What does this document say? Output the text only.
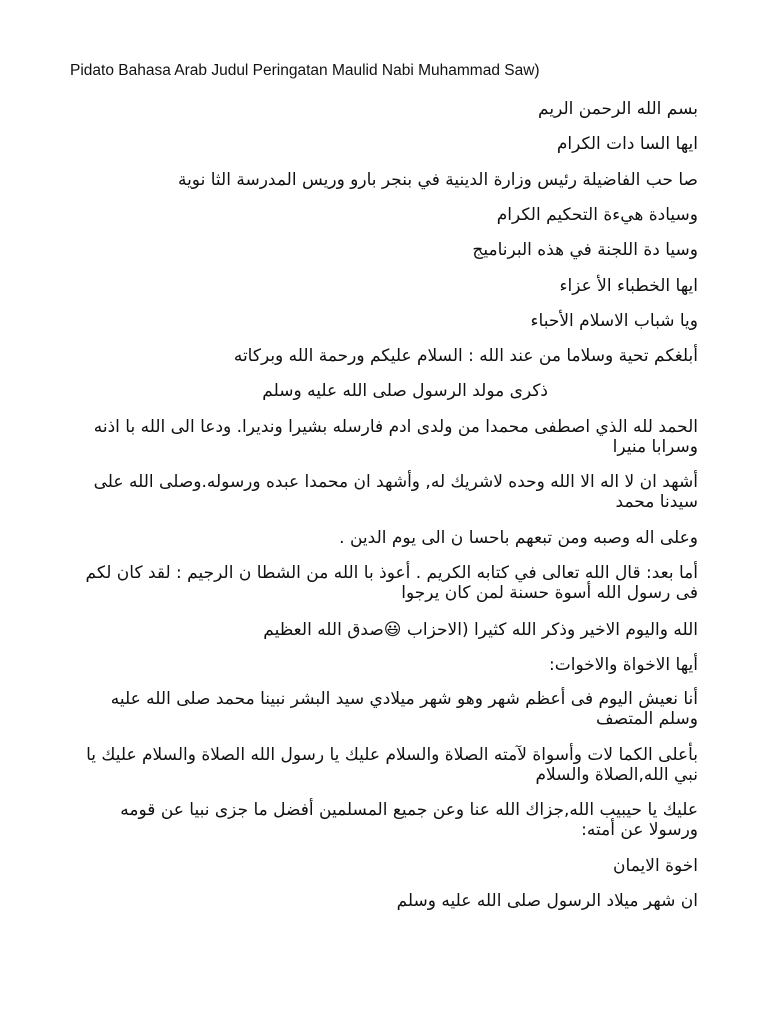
Pidato Bahasa Arab Judul Peringatan Maulid Nabi Muhammad Saw)
بسم الله الرحمن الريم
ايها السا دات الكرام
صا حب الفاضيلة رئيس وزارة الدينية في بنجر بارو وريس المدرسة الثا نوية
وسيادة هيءة التحكيم الكرام
وسيا دة اللجنة في هذه البرناميج
ايها الخطباء الأ عزاء
ويا شباب الاسلام الأحباء
أبلغكم تحية وسلاما من عند الله : السلام عليكم ورحمة الله وبركاته
ذكرى مولد الرسول صلى الله عليه وسلم
الحمد لله الذي اصطفى محمدا من ولدى ادم فارسله بشيرا ونديرا. ودعا الى الله با اذنه وسرابا منيرا
أشهد ان لا اله الا الله وحده لاشريك له, وأشهد ان محمدا عبده ورسوله.وصلى الله على سيدنا محمد
وعلى اله وصبه ومن تبعهم باحسا ن الى يوم الدين .
أما بعد: قال الله تعالى في كتابه الكريم . أعوذ با الله من الشطا ن الرجيم : لقد كان لكم فى رسول الله أسوة حسنة لمن كان يرجوا
الله واليوم الاخير وذكر الله كثيرا (الاحزاب 😃صدق الله العظيم
أيها الاخواة والاخوات:
أنا نعيش اليوم فى أعظم شهر وهو شهر ميلادي سيد البشر نبينا محمد صلى الله عليه وسلم المتصف
بأعلى الكما لات وأسواة لآمته الصلاة والسلام عليك يا رسول الله الصلاة والسلام عليك يا نبي الله,الصلاة والسلام
عليك يا حيبيب الله,جزاك الله عنا وعن جميع المسلمين أفضل ما جزى نبيا عن قومه ورسولا عن أمته:
اخوة الايمان
ان شهر ميلاد الرسول صلى الله عليه وسلم
